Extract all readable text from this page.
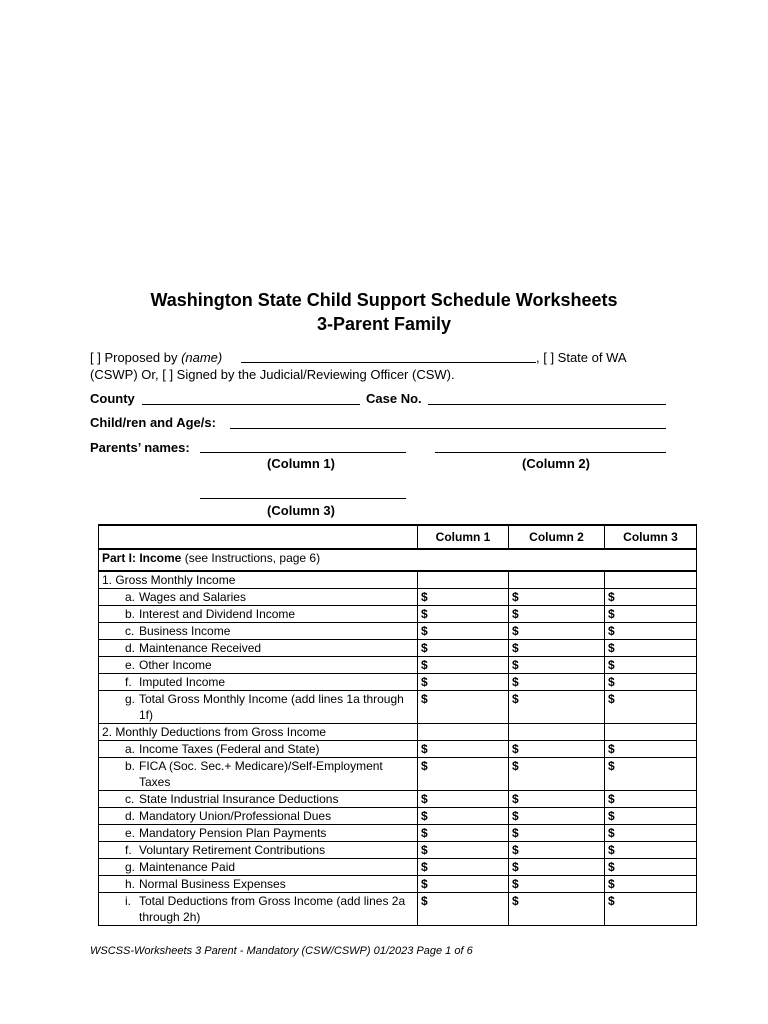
Washington State Child Support Schedule Worksheets
3-Parent Family
[ ] Proposed by (name)	, [ ] State of WA
(CSWP) Or, [ ] Signed by the Judicial/Reviewing Officer (CSW).
County	Case No.
Child/ren and Age/s:
Parents’ names:
(Column 1)	(Column 2)
(Column 3)
	Column 1	Column 2	Column 3
Part I: Income (see Instructions, page 6)			
1. Gross Monthly Income			

a. Wages and Salaries	$	$	$

b. Interest and Dividend Income	$	$	$

c. Business Income	$	$	$

d. Maintenance Received	$	$	$

e. Other Income	$	$	$

f. Imputed Income	$	$	$

g. Total Gross Monthly Income (add lines 1a through 1f)	$	$	$
2. Monthly Deductions from Gross Income			

a. Income Taxes (Federal and State)	$	$	$

b. FICA (Soc. Sec.+ Medicare)/Self-Employment Taxes	$	$	$

c. State Industrial Insurance Deductions	$	$	$

d. Mandatory Union/Professional Dues	$	$	$

e. Mandatory Pension Plan Payments	$	$	$

f. Voluntary Retirement Contributions	$	$	$

g. Maintenance Paid	$	$	$

h. Normal Business Expenses	$	$	$

i. Total Deductions from Gross Income (add lines 2a through 2h)	$	$	$
WSCSS-Worksheets 3 Parent - Mandatory (CSW/CSWP) 01/2023 Page 1 of 6
